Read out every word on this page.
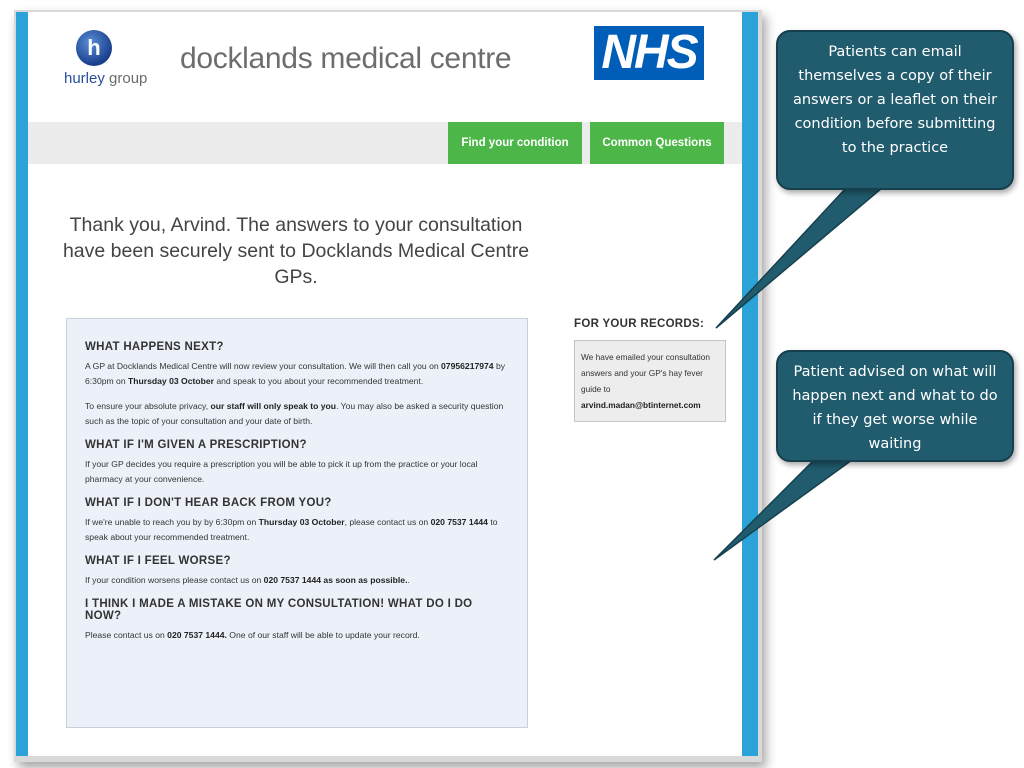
h
hurley group
docklands medical centre NHS
Find your condition	Common Questions
Thank you, Arvind. The answers to your consultation have been securely sent to Docklands Medical Centre GPs.
WHAT HAPPENS NEXT?

A GP at Docklands Medical Centre will now review your consultation. We will then call you on 07956217974 by 6:30pm on Thursday 03 October and speak to you about your recommended treatment.

To ensure your absolute privacy, our staff will only speak to you. You may also be asked a security question such as the topic of your consultation and your date of birth.

WHAT IF I'M GIVEN A PRESCRIPTION?

If your GP decides you require a prescription you will be able to pick it up from the practice or your local pharmacy at your convenience.

WHAT IF I DON'T HEAR BACK FROM YOU?

If we're unable to reach you by by 6:30pm on Thursday 03 October, please contact us on 020 7537 1444 to speak about your recommended treatment.

WHAT IF I FEEL WORSE?

If your condition worsens please contact us on 020 7537 1444 as soon as possible..

I THINK I MADE A MISTAKE ON MY CONSULTATION! WHAT DO I DO NOW?

Please contact us on 020 7537 1444. One of our staff will be able to update your record.

FOR YOUR RECORDS:
We have emailed your consultation answers and your GP's hay fever guide to arvind.madan@btinternet.com
Patients can email themselves a copy of their answers or a leaflet on their condition before submitting to the practice
Patient advised on what will happen next and what to do if they get worse while waiting
